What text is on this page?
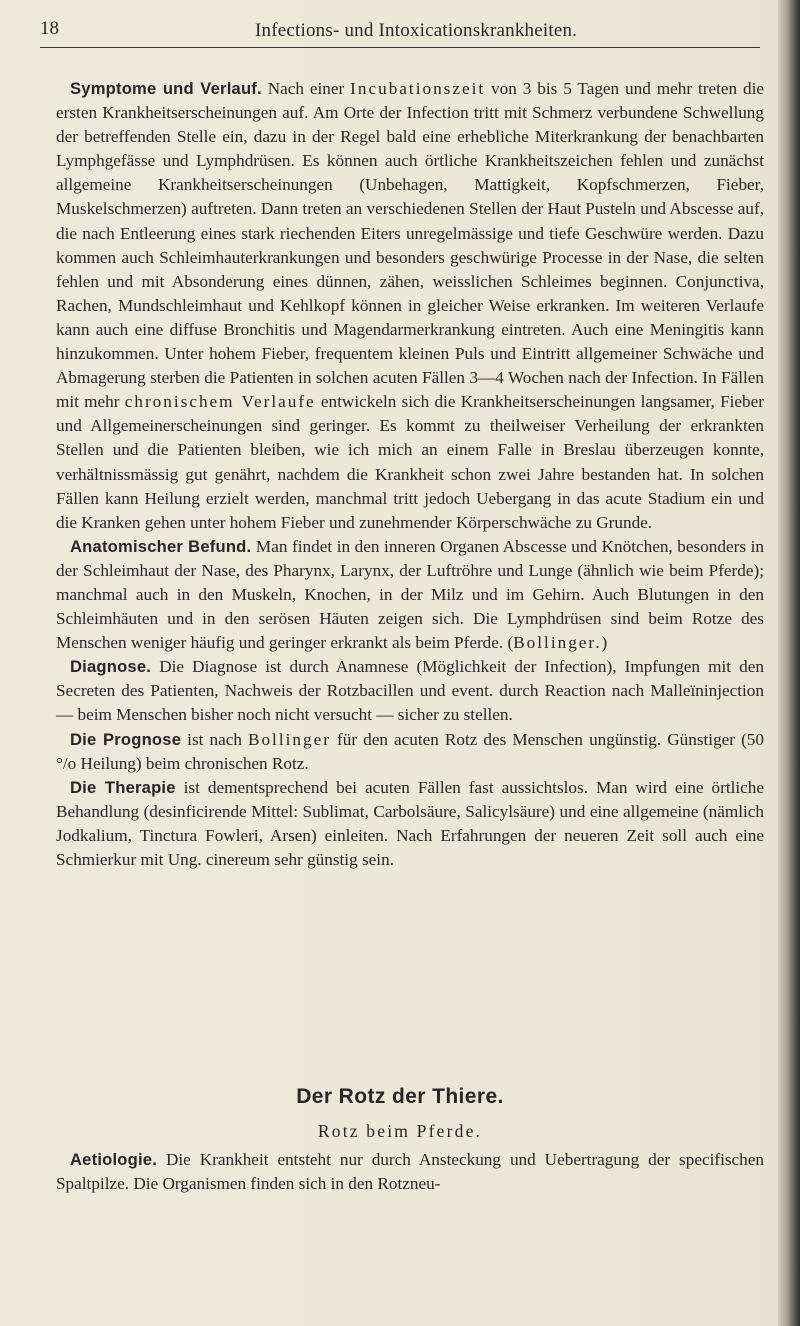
18	Infections- und Intoxicationskrankheiten.

Symptome und Verlauf. Nach einer Incubationszeit von 3 bis 5 Tagen und mehr treten die ersten Krankheitserscheinungen auf. Am Orte der Infection tritt mit Schmerz verbundene Schwellung der betreffenden Stelle ein, dazu in der Regel bald eine erhebliche Miterkrankung der benachbarten Lymphgefässe und Lymphdrüsen. Es können auch örtliche Krankheitszeichen fehlen und zunächst allgemeine Krankheitserscheinungen (Unbehagen, Mattigkeit, Kopfschmerzen, Fieber, Muskelschmerzen) auftreten. Dann treten an verschiedenen Stellen der Haut Pusteln und Abscesse auf, die nach Entleerung eines stark riechenden Eiters unregelmässige und tiefe Geschwüre werden. Dazu kommen auch Schleimhauterkrankungen und besonders geschwürige Processe in der Nase, die selten fehlen und mit Absonderung eines dünnen, zähen, weisslichen Schleimes beginnen. Conjunctiva, Rachen, Mundschleimhaut und Kehlkopf können in gleicher Weise erkranken. Im weiteren Verlaufe kann auch eine diffuse Bronchitis und Magendarmerkrankung eintreten. Auch eine Meningitis kann hinzukommen. Unter hohem Fieber, frequentem kleinen Puls und Eintritt allgemeiner Schwäche und Abmagerung sterben die Patienten in solchen acuten Fällen 3—4 Wochen nach der Infection. In Fällen mit mehr chronischem Verlaufe entwickeln sich die Krankheitserscheinungen langsamer, Fieber und Allgemeinerscheinungen sind geringer. Es kommt zu theilweiser Verheilung der erkrankten Stellen und die Patienten bleiben, wie ich mich an einem Falle in Breslau überzeugen konnte, verhältnissmässig gut genährt, nachdem die Krankheit schon zwei Jahre bestanden hat. In solchen Fällen kann Heilung erzielt werden, manchmal tritt jedoch Uebergang in das acute Stadium ein und die Kranken gehen unter hohem Fieber und zunehmender Körperschwäche zu Grunde.

Anatomischer Befund. Man findet in den inneren Organen Abscesse und Knötchen, besonders in der Schleimhaut der Nase, des Pharynx, Larynx, der Luftröhre und Lunge (ähnlich wie beim Pferde); manchmal auch in den Muskeln, Knochen, in der Milz und im Gehirn. Auch Blutungen in den Schleimhäuten und in den serösen Häuten zeigen sich. Die Lymphdrüsen sind beim Rotze des Menschen weniger häufig und geringer erkrankt als beim Pferde. (Bollinger.)

Diagnose. Die Diagnose ist durch Anamnese (Möglichkeit der Infection), Impfungen mit den Secreten des Patienten, Nachweis der Rotzbacillen und event. durch Reaction nach Malleïninjection — beim Menschen bisher noch nicht versucht — sicher zu stellen.

Die Prognose ist nach Bollinger für den acuten Rotz des Menschen ungünstig. Günstiger (50 °/o Heilung) beim chronischen Rotz.

Die Therapie ist dementsprechend bei acuten Fällen fast aussichtslos. Man wird eine örtliche Behandlung (desinficirende Mittel: Sublimat, Carbolsäure, Salicylsäure) und eine allgemeine (nämlich Jodkalium, Tinctura Fowleri, Arsen) einleiten. Nach Erfahrungen der neueren Zeit soll auch eine Schmierkur mit Ung. cinereum sehr günstig sein.

Der Rotz der Thiere.
Rotz beim Pferde.

Aetiologie. Die Krankheit entsteht nur durch Ansteckung und Uebertragung der specifischen Spaltpilze. Die Organismen finden sich in den Rotzneu-
